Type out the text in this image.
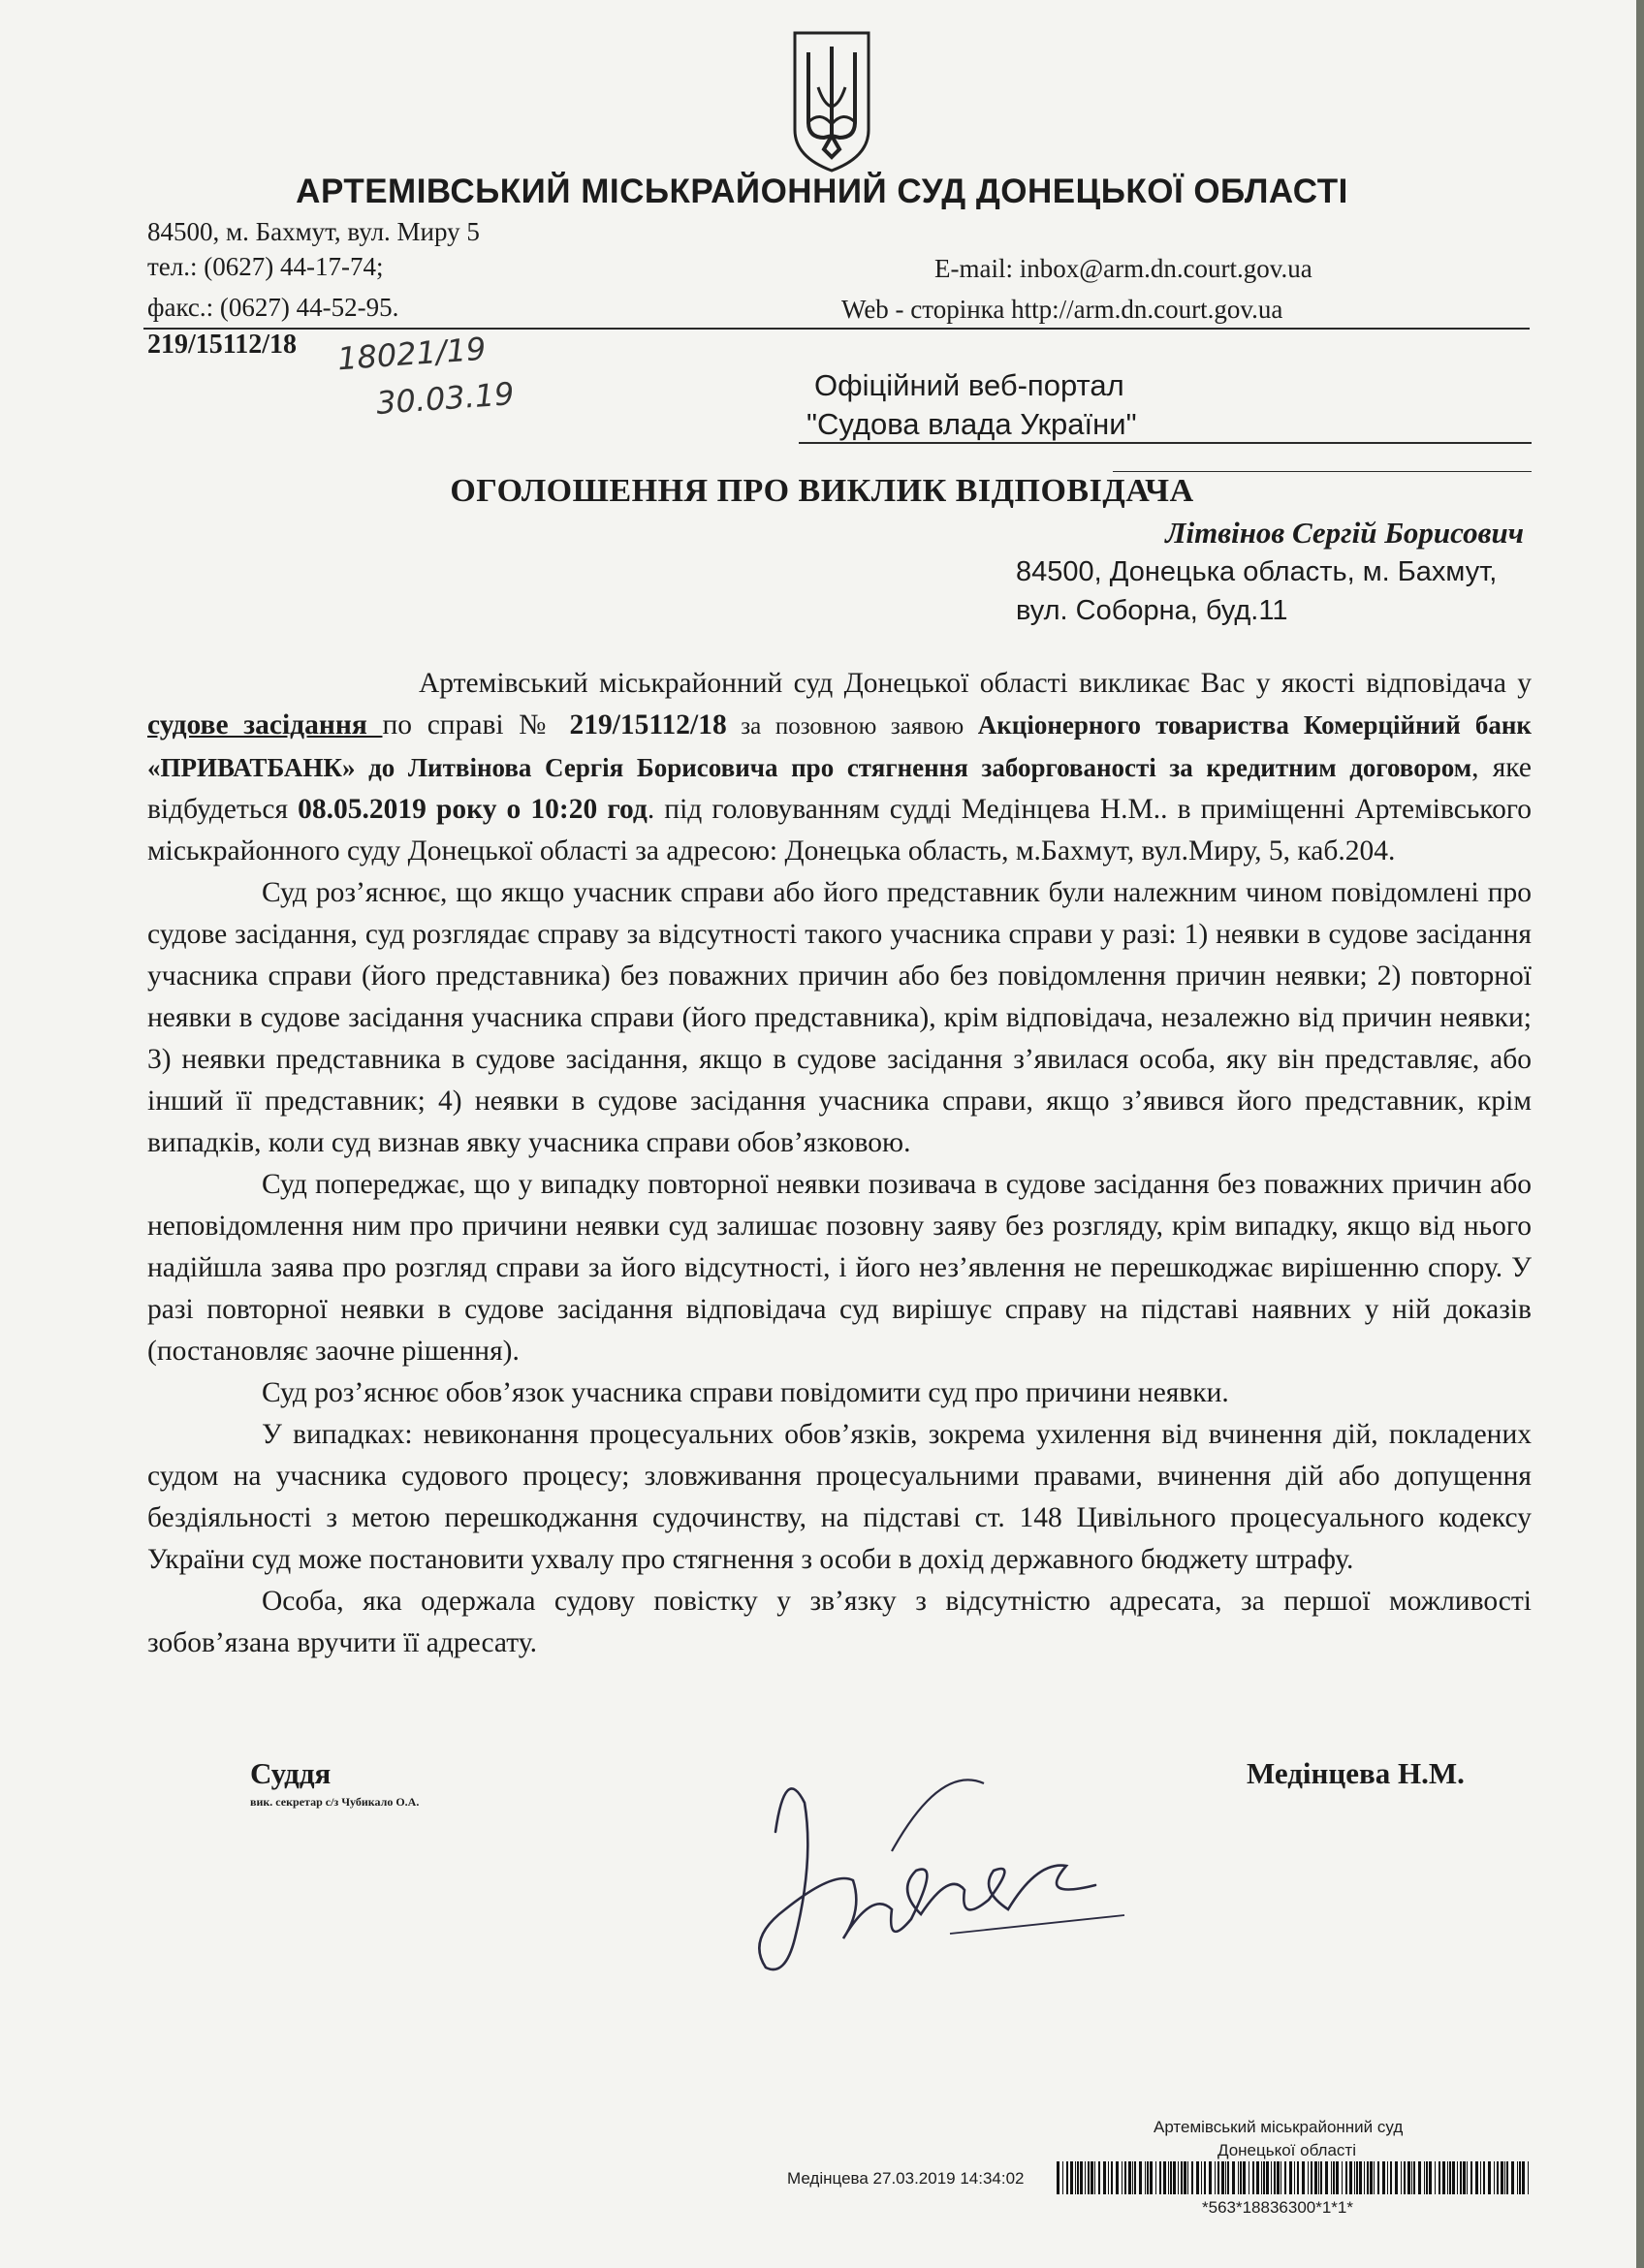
АРТЕМІВСЬКИЙ МІСЬКРАЙОННИЙ СУД ДОНЕЦЬКОЇ ОБЛАСТІ
84500, м. Бахмут, вул. Миру 5
тел.: (0627) 44-17-74;
факс.: (0627) 44-52-95.
E-mail: inbox@arm.dn.court.gov.ua
Web - сторінка http://arm.dn.court.gov.ua
219/15112/18 18021/19
30.03.19	Офіційний веб-портал
"Судова влада України"
ОГОЛОШЕННЯ ПРО ВИКЛИК ВІДПОВІДАЧА
Літвінов Сергій Борисович
84500, Донецька область, м. Бахмут,
вул. Соборна, буд.11

Артемівський міськрайонний суд Донецької області викликає Вас у якості відповідача у судове засідання по справі № 219/15112/18 за позовною заявою Акціонерного товариства Комерційний банк «ПРИВАТБАНК» до Литвінова Сергія Борисовича про стягнення заборгованості за кредитним договором, яке відбудеться 08.05.2019 року о 10:20 год. під головуванням судді Медінцева Н.М.. в приміщенні Артемівського міськрайонного суду Донецької області за адресою: Донецька область, м.Бахмут, вул.Миру, 5, каб.204.

Суд роз’яснює, що якщо учасник справи або його представник були належним чином повідомлені про судове засідання, суд розглядає справу за відсутності такого учасника справи у разі: 1) неявки в судове засідання учасника справи (його представника) без поважних причин або без повідомлення причин неявки; 2) повторної неявки в судове засідання учасника справи (його представника), крім відповідача, незалежно від причин неявки; 3) неявки представника в судове засідання, якщо в судове засідання з’явилася особа, яку він представляє, або інший її представник; 4) неявки в судове засідання учасника справи, якщо з’явився його представник, крім випадків, коли суд визнав явку учасника справи обов’язковою.

Суд попереджає, що у випадку повторної неявки позивача в судове засідання без поважних причин або неповідомлення ним про причини неявки суд залишає позовну заяву без розгляду, крім випадку, якщо від нього надійшла заява про розгляд справи за його відсутності, і його нез’явлення не перешкоджає вирішенню спору. У разі повторної неявки в судове засідання відповідача суд вирішує справу на підставі наявних у ній доказів (постановляє заочне рішення).

Суд роз’яснює обов’язок учасника справи повідомити суд про причини неявки.

У випадках: невиконання процесуальних обов’язків, зокрема ухилення від вчинення дій, покладених судом на учасника судового процесу; зловживання процесуальними правами, вчинення дій або допущення бездіяльності з метою перешкоджання судочинству, на підставі ст. 148 Цивільного процесуального кодексу України суд може постановити ухвалу про стягнення з особи в дохід державного бюджету штрафу.

Особа, яка одержала судову повістку у зв’язку з відсутністю адресата, за першої можливості зобов’язана вручити її адресату.

Суддя
вик. секретар с/з Чубикало О.А.
Медінцева Н.М.
Артемівський міськрайонний суд
Донецької області
Медінцева 27.03.2019 14:34:02
*563*18836300*1*1*
